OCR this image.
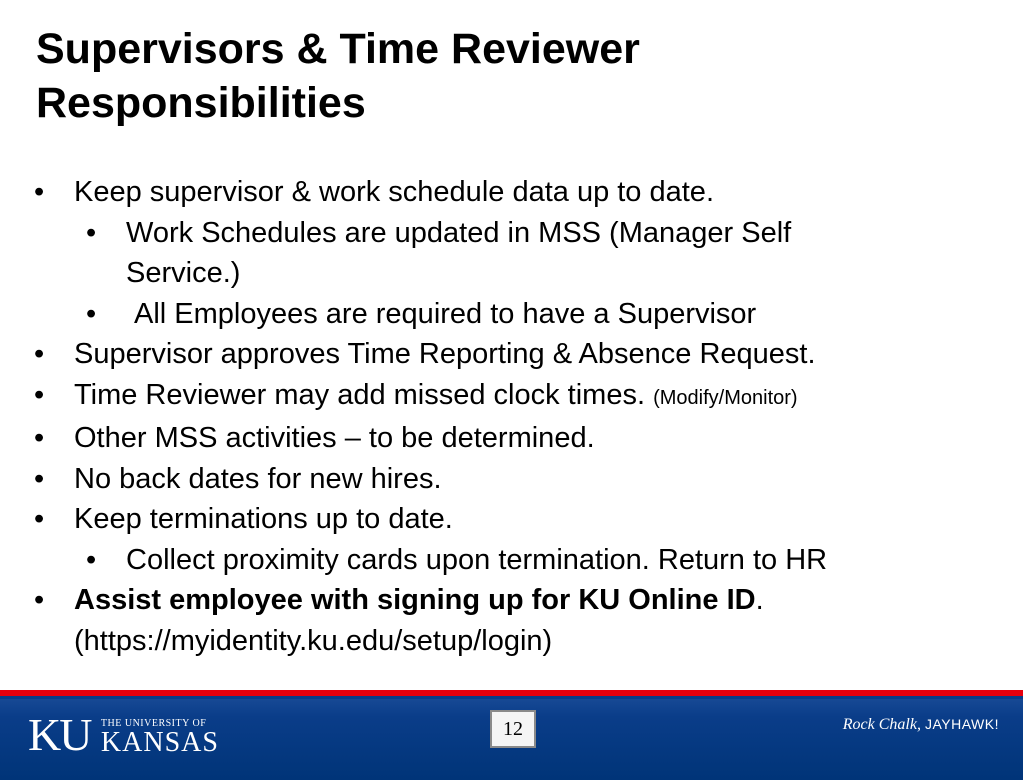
Supervisors & Time Reviewer
Responsibilities
• Keep supervisor & work schedule data up to date.
• Work Schedules are updated in MSS (Manager Self
Service.)
• All Employees are required to have a Supervisor
• Supervisor approves Time Reporting & Absence Request.
• Time Reviewer may add missed clock times. (Modify/Monitor)
• Other MSS activities – to be determined.
• No back dates for new hires.
• Keep terminations up to date.
• Collect proximity cards upon termination. Return to HR
• Assist employee with signing up for KU Online ID.
(https://myidentity.ku.edu/setup/login)
KU THE UNIVERSITY OF
KANSAS	12	Rock Chalk, JAYHAWK!
